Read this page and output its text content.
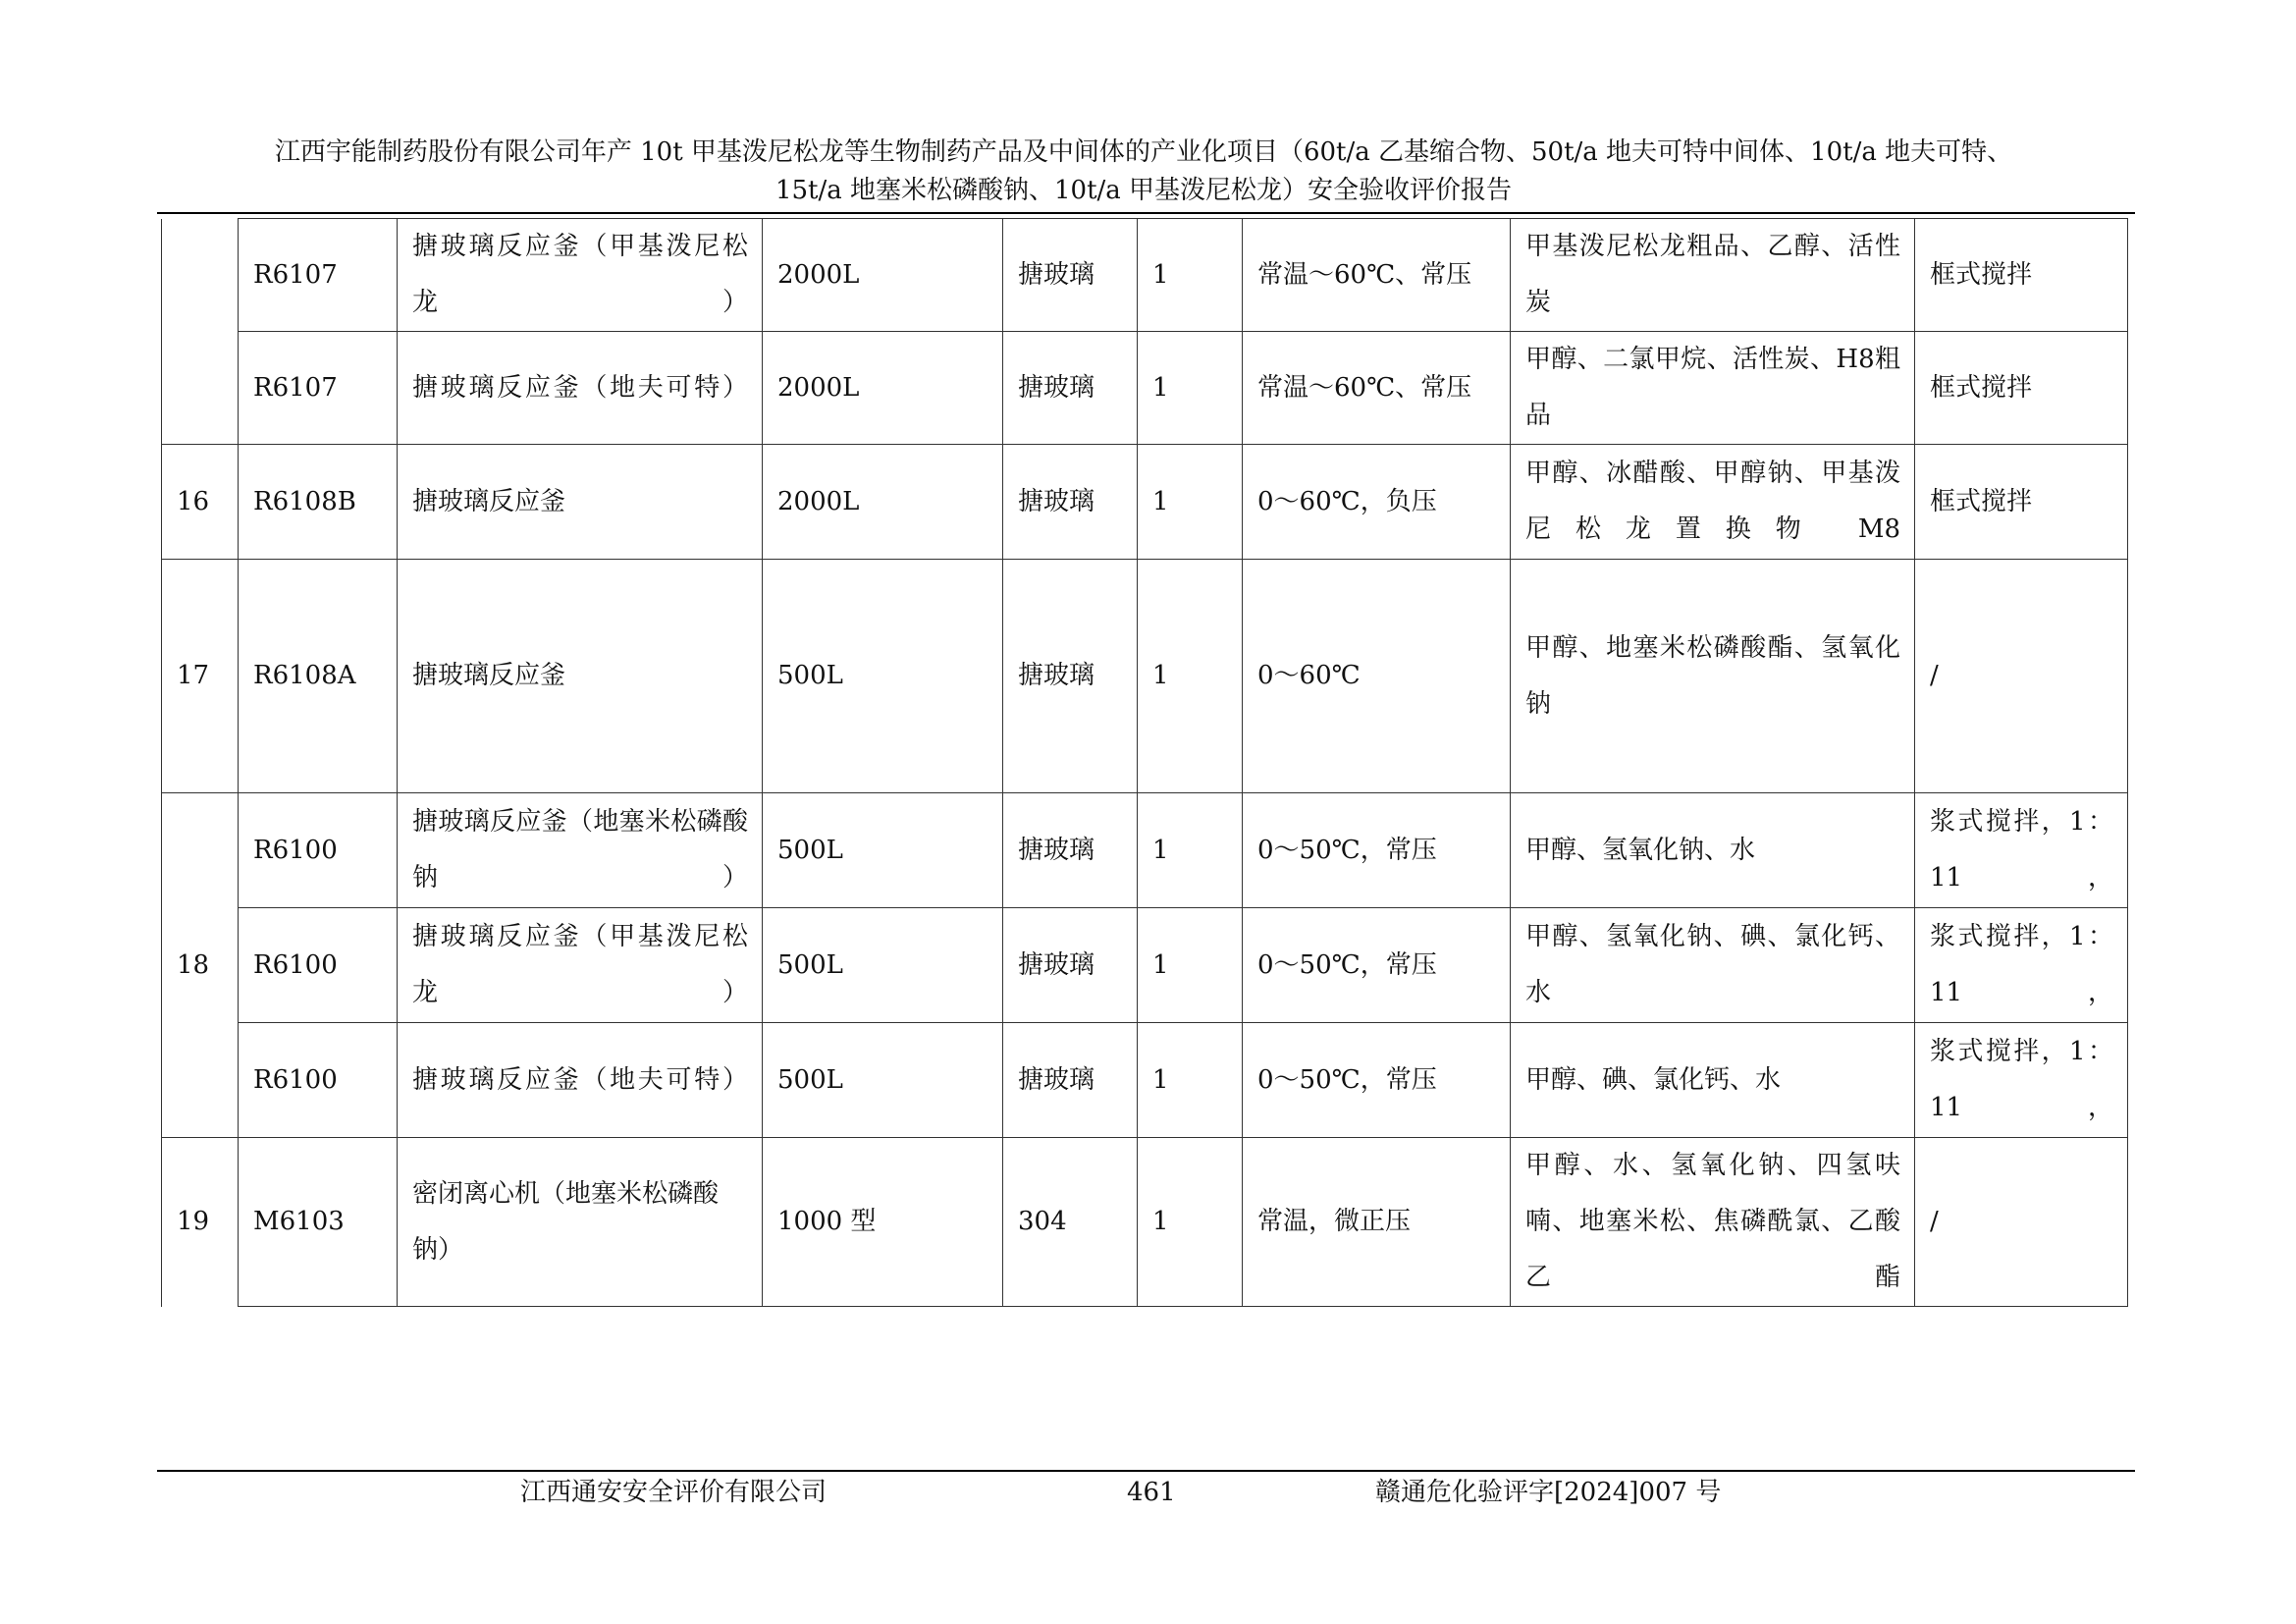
江西宇能制药股份有限公司年产 10t 甲基泼尼松龙等生物制药产品及中间体的产业化项目（60t/a 乙基缩合物、50t/a 地夫可特中间体、10t/a 地夫可特、
15t/a 地塞米松磷酸钠、10t/a 甲基泼尼松龙）安全验收评价报告
	R6107	搪玻璃反应釜（甲基泼尼松龙）	2000L	搪玻璃	1	常温～60℃、常压	甲基泼尼松龙粗品、乙醇、活性炭	框式搅拌
	R6107	搪玻璃反应釜（地夫可特）	2000L	搪玻璃	1	常温～60℃、常压	甲醇、二氯甲烷、活性炭、H8粗品	框式搅拌
16	R6108B	搪玻璃反应釜	2000L	搪玻璃	1	0～60℃，负压	甲醇、冰醋酸、甲醇钠、甲基泼尼松龙置换物 M8	框式搅拌
17	R6108A	搪玻璃反应釜	500L	搪玻璃	1	0～60℃	甲醇、地塞米松磷酸酯、氢氧化钠	/
18	R6100	搪玻璃反应釜（地塞米松磷酸钠）	500L	搪玻璃	1	0～50℃，常压	甲醇、氢氧化钠、水	浆式搅拌，1：11，
	R6100	搪玻璃反应釜（甲基泼尼松龙）	500L	搪玻璃	1	0～50℃，常压	甲醇、氢氧化钠、碘、氯化钙、水	浆式搅拌，1：11，
	R6100	搪玻璃反应釜（地夫可特）	500L	搪玻璃	1	0～50℃，常压	甲醇、碘、氯化钙、水	浆式搅拌，1：11，
19	M6103	密闭离心机（地塞米松磷酸钠）	1000 型	304	1	常温，微正压	甲醇、水、氢氧化钠、四氢呋喃、地塞米松、焦磷酰氯、乙酸乙酯	/
江西通安安全评价有限公司	461	赣通危化验评字[2024]007 号
